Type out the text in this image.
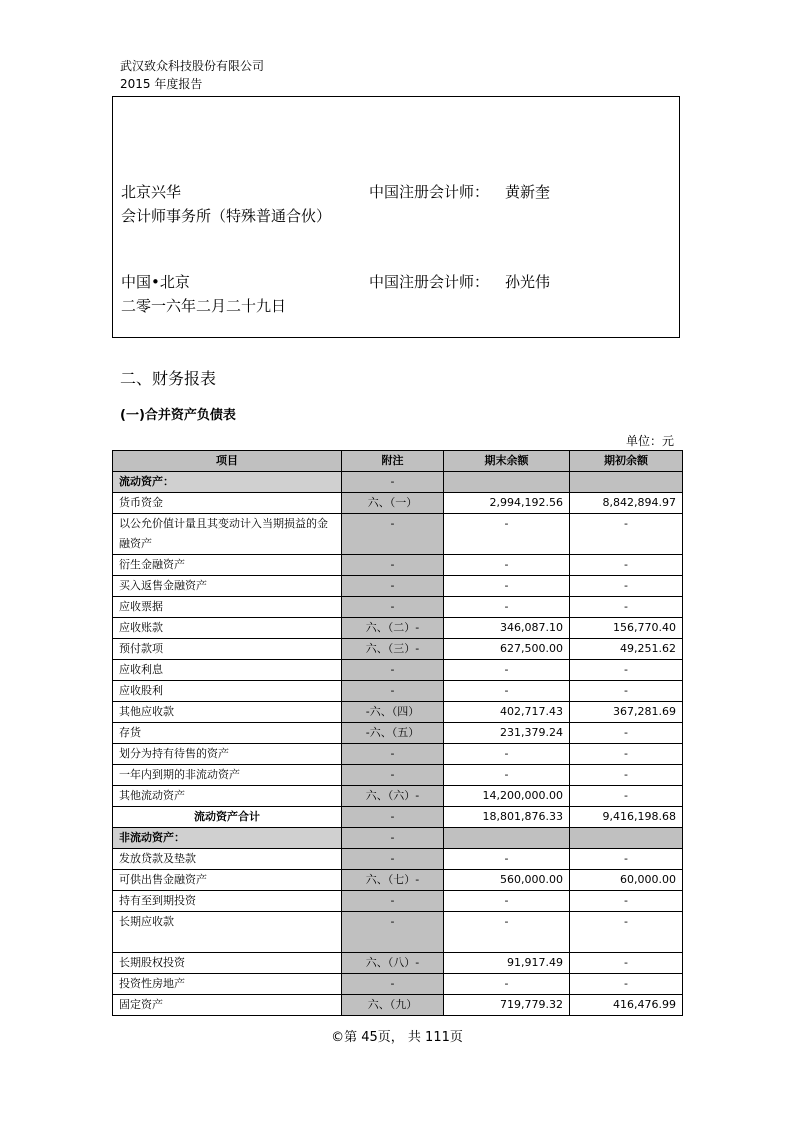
武汉致众科技股份有限公司
2015 年度报告
北京兴华
会计师事务所（特殊普通合伙）
中国注册会计师： 黄新奎
中国•北京
二零一六年二月二十九日
中国注册会计师： 孙光伟
二、财务报表
(一)合并资产负债表
单位：元
项目	附注	期末余额	期初余额
流动资产：	-		
货币资金	六、（一）	2,994,192.56	8,842,894.97
以公允价值计量且其变动计入当期损益的金融资产	-	-	-
衍生金融资产	-	-	-
买入返售金融资产	-	-	-
应收票据	-	-	-
应收账款	六、（二）-	346,087.10	156,770.40
预付款项	六、（三）-	627,500.00	49,251.62
应收利息	-	-	-
应收股利	-	-	-
其他应收款	-六、（四）	402,717.43	367,281.69
存货	-六、（五）	231,379.24	-
划分为持有待售的资产	-	-	-
一年内到期的非流动资产	-	-	-
其他流动资产	六、（六）-	14,200,000.00	-
流动资产合计	-	18,801,876.33	9,416,198.68
非流动资产：	-		
发放贷款及垫款	-	-	-
可供出售金融资产	六、（七）-	560,000.00	60,000.00
持有至到期投资	-	-	-
长期应收款	-	-	-
长期股权投资	六、（八）-	91,917.49	-
投资性房地产	-	-	-
固定资产	六、（九）	719,779.32	416,476.99
©第 45页， 共 111页
